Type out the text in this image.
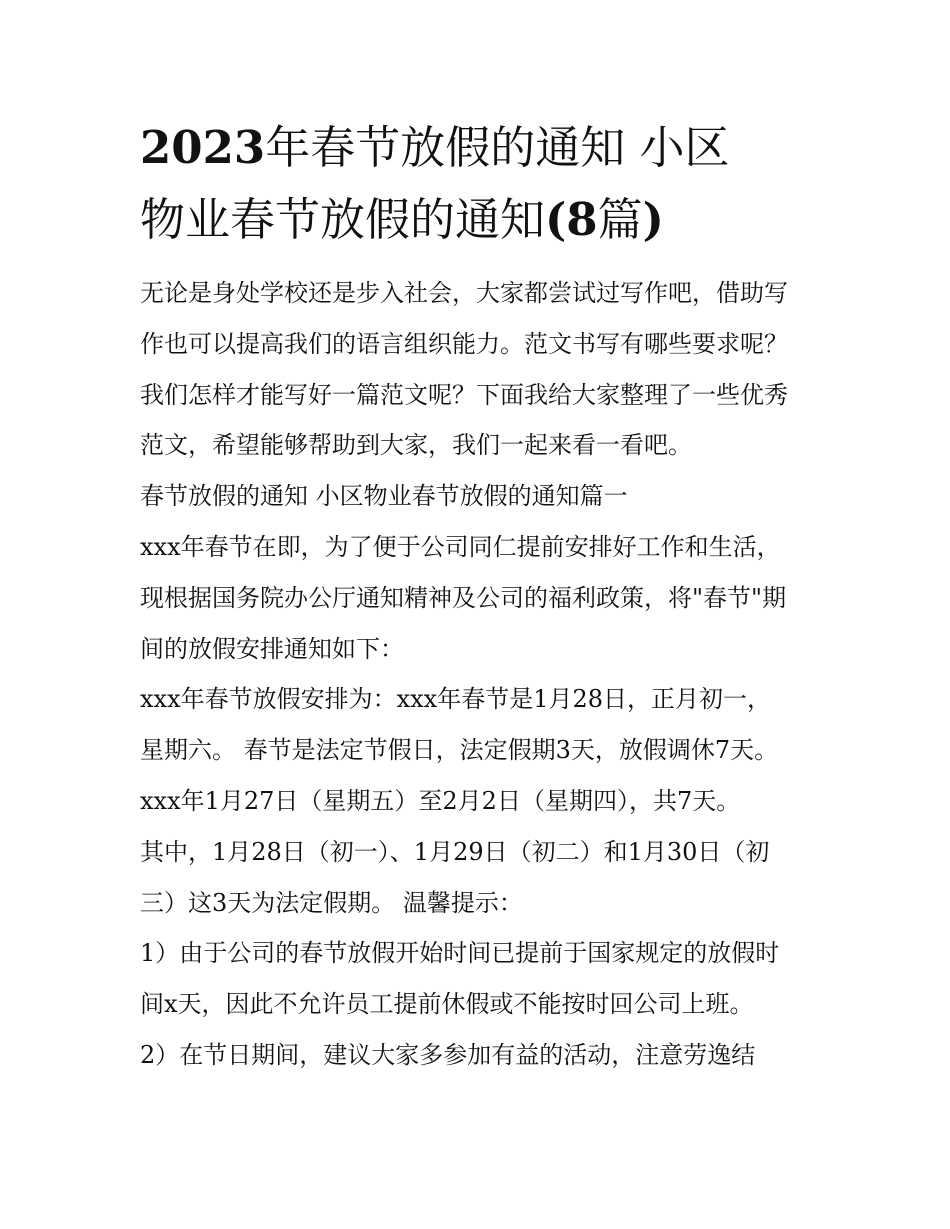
2023年春节放假的通知 小区
物业春节放假的通知(8篇)

无论是身处学校还是步入社会，大家都尝试过写作吧，借助写

作也可以提高我们的语言组织能力。范文书写有哪些要求呢？

我们怎样才能写好一篇范文呢？下面我给大家整理了一些优秀

范文，希望能够帮助到大家，我们一起来看一看吧。

春节放假的通知 小区物业春节放假的通知篇一

xxx年春节在即，为了便于公司同仁提前安排好工作和生活，

现根据国务院办公厅通知精神及公司的福利政策，将"春节"期

间的放假安排通知如下：

xxx年春节放假安排为：xxx年春节是1月28日，正月初一，

星期六。 春节是法定节假日，法定假期3天，放假调休7天。

xxx年1月27日（星期五）至2月2日（星期四），共7天。

其中，1月28日（初一）、1月29日（初二）和1月30日（初

三）这3天为法定假期。 温馨提示：

1）由于公司的春节放假开始时间已提前于国家规定的放假时

间x天，因此不允许员工提前休假或不能按时回公司上班。

2）在节日期间，建议大家多参加有益的活动，注意劳逸结
